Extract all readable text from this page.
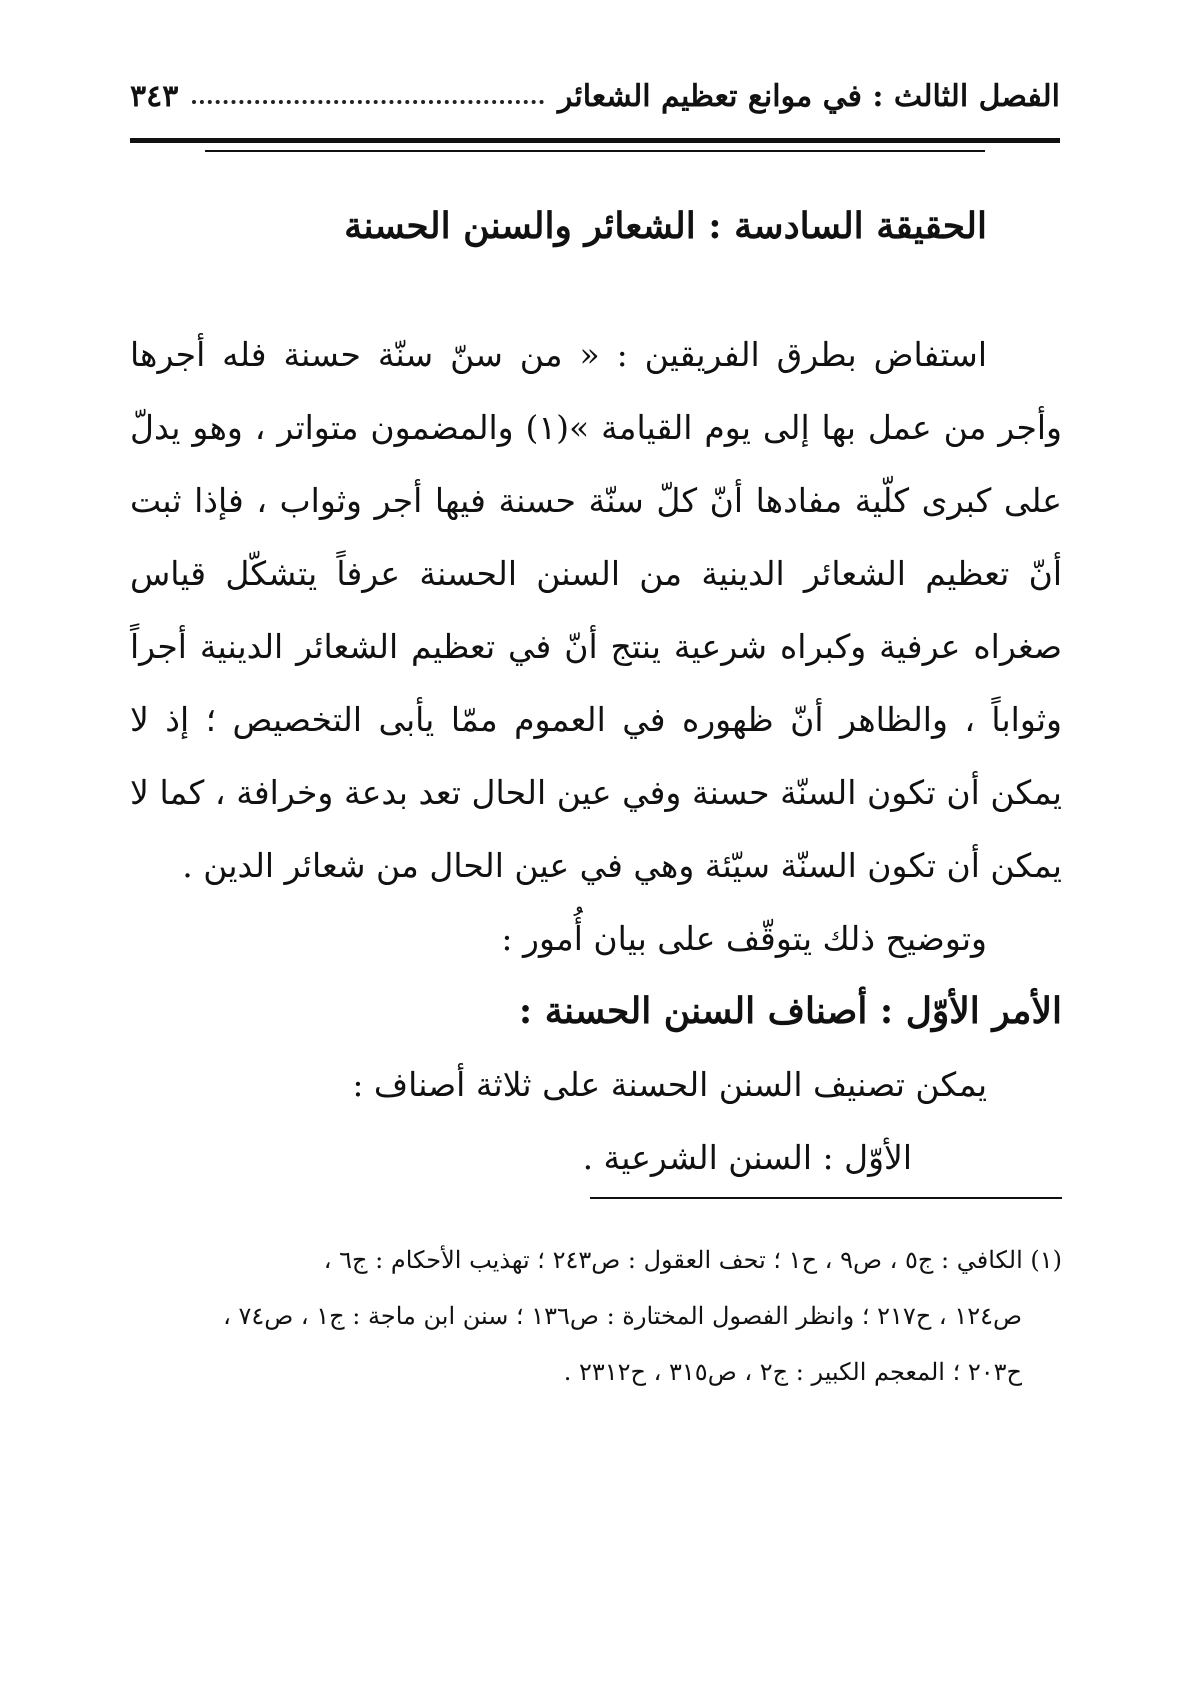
الفصل الثالث : في موانع تعظيم الشعائر
٣٤٣
الحقيقة السادسة : الشعائر والسنن الحسنة

استفاض بطرق الفريقين : « من سنّ سنّة حسنة فله أجرها وأجر من عمل بها إلى يوم القيامة »(١) والمضمون متواتر ، وهو يدلّ على كبرى كلّية مفادها أنّ كلّ سنّة حسنة فيها أجر وثواب ، فإذا ثبت أنّ تعظيم الشعائر الدينية من السنن الحسنة عرفاً يتشكّل قياس صغراه عرفية وكبراه شرعية ينتج أنّ في تعظيم الشعائر الدينية أجراً وثواباً ، والظاهر أنّ ظهوره في العموم ممّا يأبى التخصيص ؛ إذ لا يمكن أن تكون السنّة حسنة وفي عين الحال تعد بدعة وخرافة ، كما لا يمكن أن تكون السنّة سيّئة وهي في عين الحال من شعائر الدين .

وتوضيح ذلك يتوقّف على بيان أُمور :

الأمر الأوّل : أصناف السنن الحسنة :

يمكن تصنيف السنن الحسنة على ثلاثة أصناف :

الأوّل : السنن الشرعية .

(١) الكافي : ج٥ ، ص٩ ، ح١ ؛ تحف العقول : ص٢٤٣ ؛ تهذيب الأحكام : ج٦ ،

ص١٢٤ ، ح٢١٧ ؛ وانظر الفصول المختارة : ص١٣٦ ؛ سنن ابن ماجة : ج١ ، ص٧٤ ،

ح٢٠٣ ؛ المعجم الكبير : ج٢ ، ص٣١٥ ، ح٢٣١٢ .
